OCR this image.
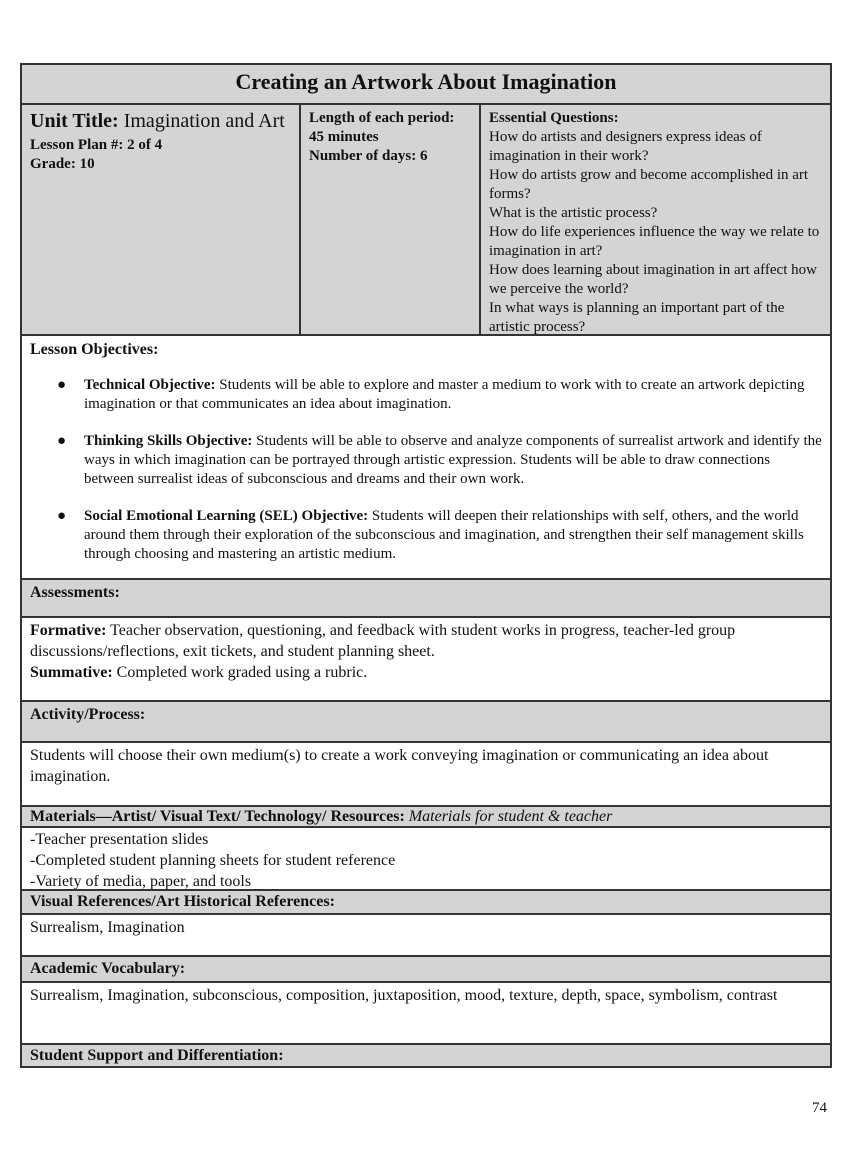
Creating an Artwork About Imagination
Unit Title: Imagination and Art
Lesson Plan #: 2 of 4
Grade: 10
Length of each period:
45 minutes
Number of days: 6
Essential Questions:
How do artists and designers express ideas of imagination in their work?
How do artists grow and become accomplished in art forms?
What is the artistic process?
How do life experiences influence the way we relate to imagination in art?
How does learning about imagination in art affect how we perceive the world?
In what ways is planning an important part of the artistic process?
Lesson Objectives:
● Technical Objective: Students will be able to explore and master a medium to work with to create an artwork depicting imagination or that communicates an idea about imagination.
● Thinking Skills Objective: Students will be able to observe and analyze components of surrealist artwork and identify the ways in which imagination can be portrayed through artistic expression. Students will be able to draw connections between surrealist ideas of subconscious and dreams and their own work.
● Social Emotional Learning (SEL) Objective: Students will deepen their relationships with self, others, and the world around them through their exploration of the subconscious and imagination, and strengthen their self management skills through choosing and mastering an artistic medium.
Assessments:
Formative: Teacher observation, questioning, and feedback with student works in progress, teacher-led group discussions/reflections, exit tickets, and student planning sheet.
Summative: Completed work graded using a rubric.
Activity/Process:
Students will choose their own medium(s) to create a work conveying imagination or communicating an idea about imagination.
Materials—Artist/ Visual Text/ Technology/ Resources: Materials for student & teacher
-Teacher presentation slides
-Completed student planning sheets for student reference
-Variety of media, paper, and tools
Visual References/Art Historical References:
Surrealism, Imagination
Academic Vocabulary:
Surrealism, Imagination, subconscious, composition, juxtaposition, mood, texture, depth, space, symbolism, contrast
Student Support and Differentiation:
74
